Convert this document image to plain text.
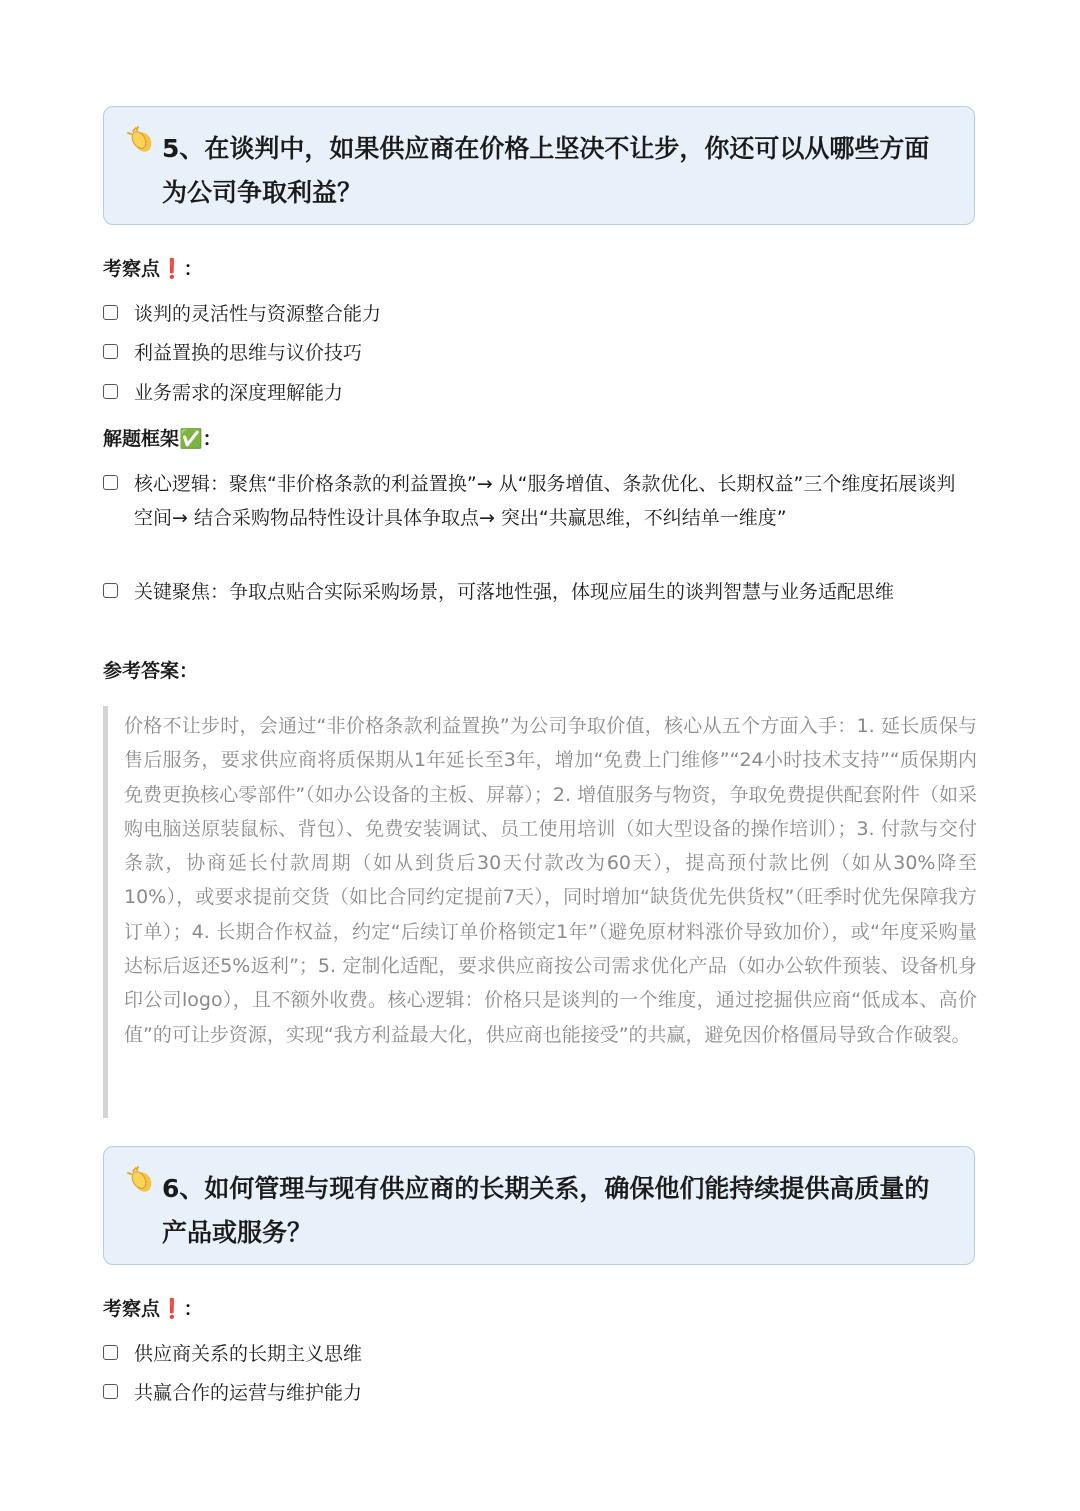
5、在谈判中，如果供应商在价格上坚决不让步，你还可以从哪些方面为公司争取利益？
考察点❗：
谈判的灵活性与资源整合能力
利益置换的思维与议价技巧
业务需求的深度理解能力
解题框架✅：
核心逻辑：聚焦“非价格条款的利益置换”→ 从“服务增值、条款优化、长期权益”三个维度拓展谈判空间→ 结合采购物品特性设计具体争取点→ 突出“共赢思维，不纠结单一维度”
关键聚焦：争取点贴合实际采购场景，可落地性强，体现应届生的谈判智慧与业务适配思维
参考答案：
价格不让步时，会通过“非价格条款利益置换”为公司争取价值，核心从五个方面入手：1. 延长质保与售后服务，要求供应商将质保期从1年延长至3年，增加“免费上门维修”“24小时技术支持”“质保期内免费更换核心零部件”（如办公设备的主板、屏幕）；2. 增值服务与物资，争取免费提供配套附件（如采购电脑送原装鼠标、背包）、免费安装调试、员工使用培训（如大型设备的操作培训）；3. 付款与交付条款，协商延长付款周期（如从到货后30天付款改为60天），提高预付款比例（如从30%降至10%），或要求提前交货（如比合同约定提前7天），同时增加“缺货优先供货权”（旺季时优先保障我方订单）；4. 长期合作权益，约定“后续订单价格锁定1年”（避免原材料涨价导致加价），或“年度采购量达标后返还5%返利”；5. 定制化适配，要求供应商按公司需求优化产品（如办公软件预装、设备机身印公司logo），且不额外收费。核心逻辑：价格只是谈判的一个维度，通过挖掘供应商“低成本、高价值”的可让步资源，实现“我方利益最大化，供应商也能接受”的共赢，避免因价格僵局导致合作破裂。
6、如何管理与现有供应商的长期关系，确保他们能持续提供高质量的产品或服务？
考察点❗：
供应商关系的长期主义思维
共赢合作的运营与维护能力
